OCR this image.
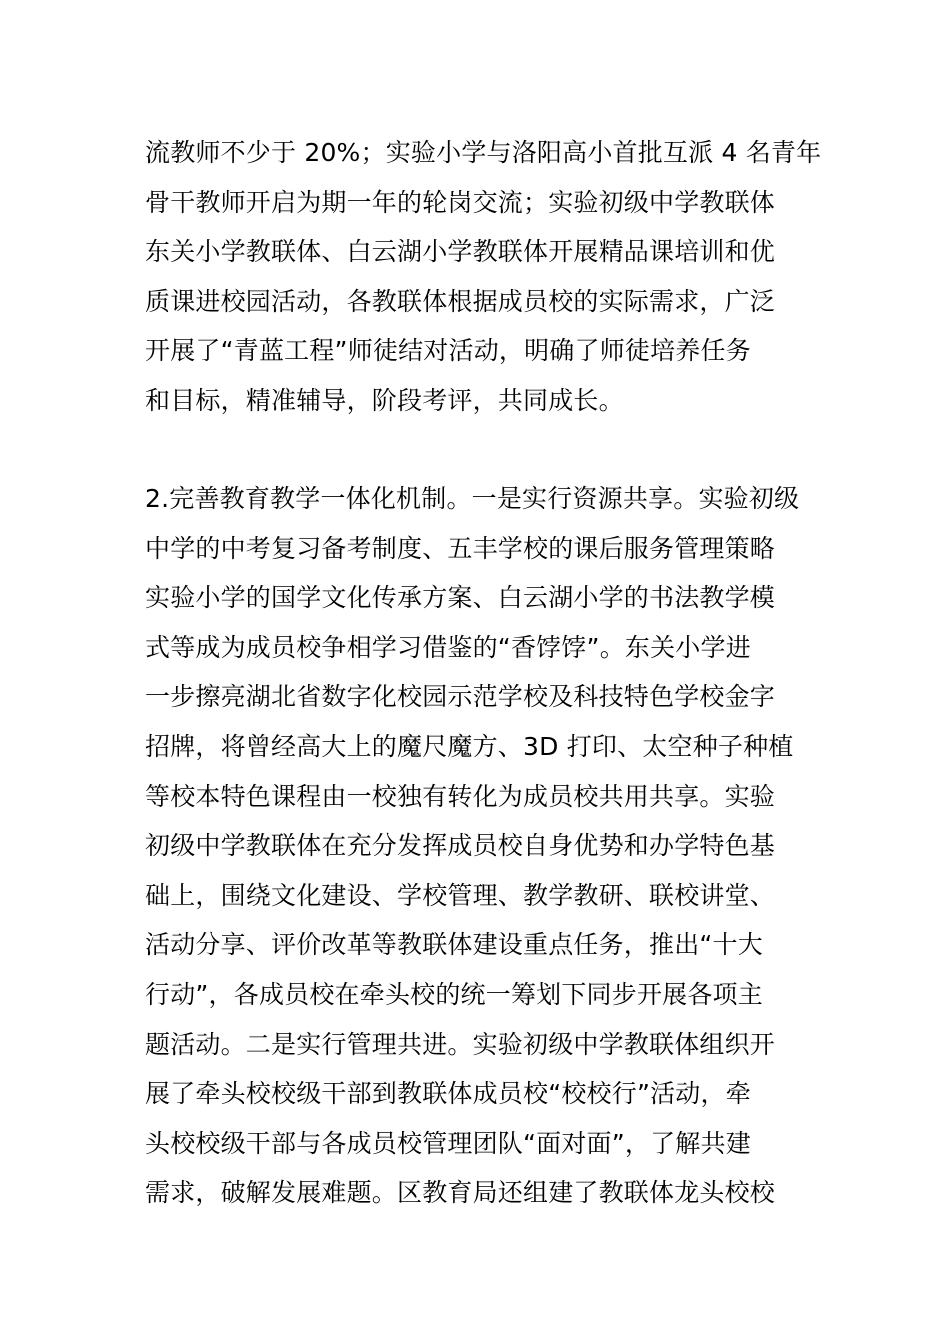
流教师不少于 20%；实验小学与洛阳高小首批互派 4 名青年
骨干教师开启为期一年的轮岗交流；实验初级中学教联体
东关小学教联体、白云湖小学教联体开展精品课培训和优
质课进校园活动，各教联体根据成员校的实际需求，广泛
开展了“青蓝工程”师徒结对活动，明确了师徒培养任务
和目标，精准辅导，阶段考评，共同成长。
2.完善教育教学一体化机制。一是实行资源共享。实验初级
中学的中考复习备考制度、五丰学校的课后服务管理策略
实验小学的国学文化传承方案、白云湖小学的书法教学模
式等成为成员校争相学习借鉴的“香饽饽”。东关小学进
一步擦亮湖北省数字化校园示范学校及科技特色学校金字
招牌，将曾经高大上的魔尺魔方、3D 打印、太空种子种植
等校本特色课程由一校独有转化为成员校共用共享。实验
初级中学教联体在充分发挥成员校自身优势和办学特色基
础上，围绕文化建设、学校管理、教学教研、联校讲堂、
活动分享、评价改革等教联体建设重点任务，推出“十大
行动”，各成员校在牵头校的统一筹划下同步开展各项主
题活动。二是实行管理共进。实验初级中学教联体组织开
展了牵头校校级干部到教联体成员校“校校行”活动，牵
头校校级干部与各成员校管理团队“面对面”，了解共建
需求，破解发展难题。区教育局还组建了教联体龙头校校
